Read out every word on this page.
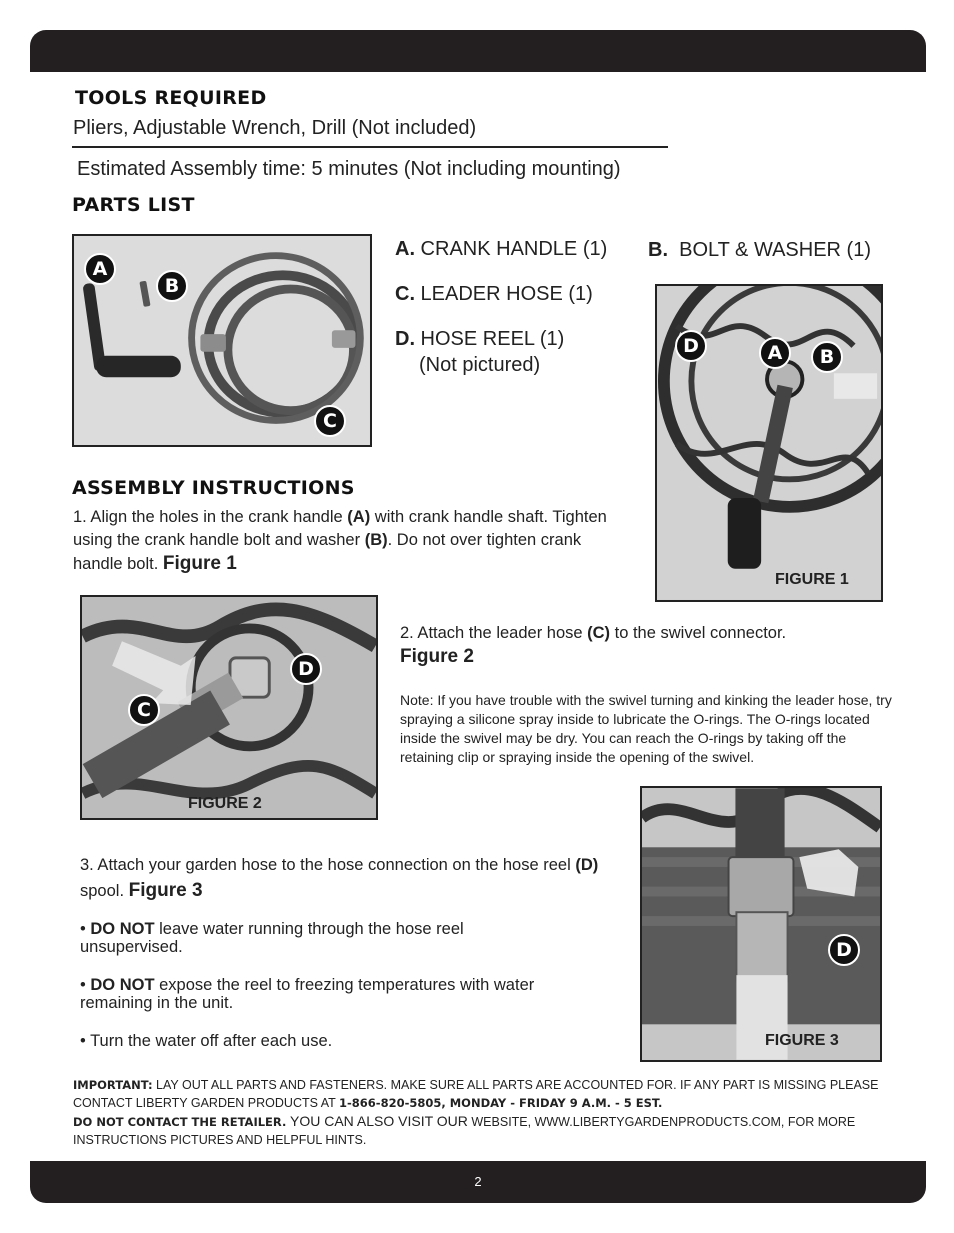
TOOLS REQUIRED
Pliers, Adjustable Wrench, Drill (Not included)
Estimated Assembly time: 5 minutes (Not including mounting)
PARTS LIST
A
B
C
A. CRANK HANDLE (1) B.  BOLT & WASHER (1)
C. LEADER HOSE (1)
D. HOSE REEL (1)
(Not pictured)
D	A	B
FIGURE 1
ASSEMBLY INSTRUCTIONS
1. Align the holes in the crank handle (A) with crank handle shaft. Tighten using the crank handle bolt and washer (B). Do not over tighten crank handle bolt. Figure 1
D
C
FIGURE 2
2. Attach the leader hose (C) to the swivel connector.
Figure 2
Note: If you have trouble with the swivel turning and kinking the leader hose, try spraying a silicone spray inside to lubricate the O-rings. The O-rings located inside the swivel may be dry. You can reach the O-rings by taking off the retaining clip or spraying inside the opening of the swivel.
D
FIGURE 3
3. Attach your garden hose to the hose connection on the hose reel (D) spool. Figure 3
• DO NOT leave water running through the hose reel unsupervised.
• DO NOT expose the reel to freezing temperatures with water remaining in the unit.
• Turn the water off after each use.
IMPORTANT: LAY OUT ALL PARTS AND FASTENERS. MAKE SURE ALL PARTS ARE ACCOUNTED FOR. IF ANY PART IS MISSING PLEASE CONTACT LIBERTY GARDEN PRODUCTS AT 1-866-820-5805, MONDAY - FRIDAY 9 A.M. - 5 EST.
DO NOT CONTACT THE RETAILER. YOU CAN ALSO VISIT OUR WEBSITE, WWW.LIBERTYGARDENPRODUCTS.COM, FOR MORE INSTRUCTIONS PICTURES AND HELPFUL HINTS.
2
